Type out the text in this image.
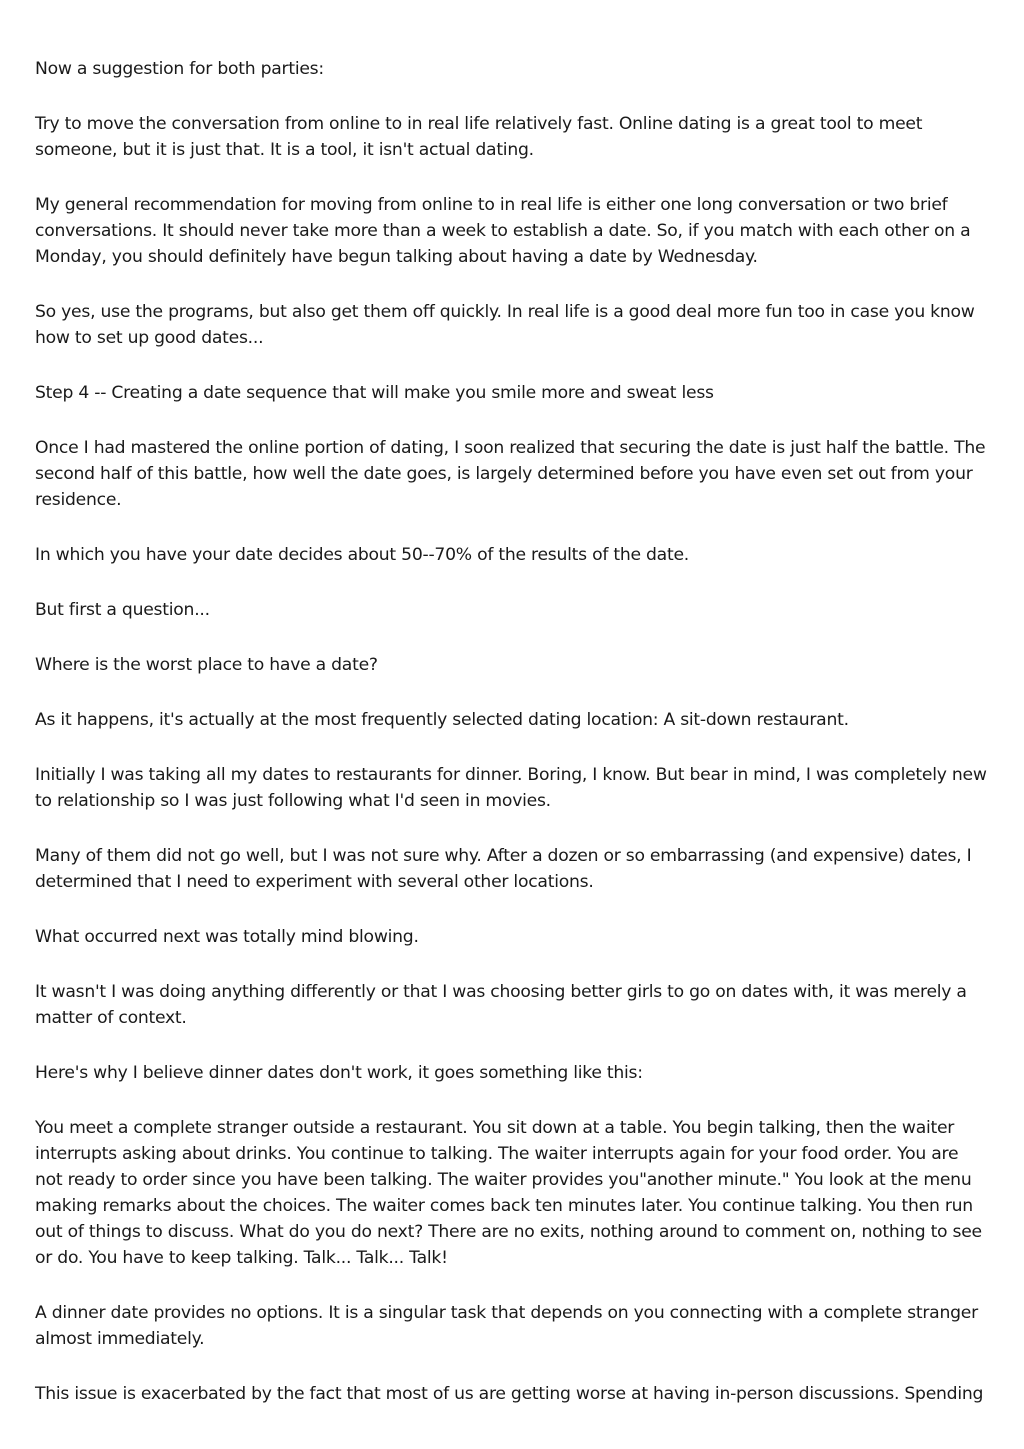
Now a suggestion for both parties:

Try to move the conversation from online to in real life relatively fast. Online dating is a great tool to meet someone, but it is just that. It is a tool, it isn't actual dating.

My general recommendation for moving from online to in real life is either one long conversation or two brief conversations. It should never take more than a week to establish a date. So, if you match with each other on a Monday, you should definitely have begun talking about having a date by Wednesday.

So yes, use the programs, but also get them off quickly. In real life is a good deal more fun too in case you know how to set up good dates...

Step 4 -- Creating a date sequence that will make you smile more and sweat less

Once I had mastered the online portion of dating, I soon realized that securing the date is just half the battle. The second half of this battle, how well the date goes, is largely determined before you have even set out from your residence.

In which you have your date decides about 50--70% of the results of the date.

But first a question...

Where is the worst place to have a date?

As it happens, it's actually at the most frequently selected dating location: A sit-down restaurant.

Initially I was taking all my dates to restaurants for dinner. Boring, I know. But bear in mind, I was completely new to relationship so I was just following what I'd seen in movies.

Many of them did not go well, but I was not sure why. After a dozen or so embarrassing (and expensive) dates, I determined that I need to experiment with several other locations.

What occurred next was totally mind blowing.

It wasn't I was doing anything differently or that I was choosing better girls to go on dates with, it was merely a matter of context.

Here's why I believe dinner dates don't work, it goes something like this:

You meet a complete stranger outside a restaurant. You sit down at a table. You begin talking, then the waiter interrupts asking about drinks. You continue to talking. The waiter interrupts again for your food order. You are not ready to order since you have been talking. The waiter provides you"another minute." You look at the menu making remarks about the choices. The waiter comes back ten minutes later. You continue talking. You then run out of things to discuss. What do you do next? There are no exits, nothing around to comment on, nothing to see or do. You have to keep talking. Talk... Talk... Talk!

A dinner date provides no options. It is a singular task that depends on you connecting with a complete stranger almost immediately.

This issue is exacerbated by the fact that most of us are getting worse at having in-person discussions. Spending
